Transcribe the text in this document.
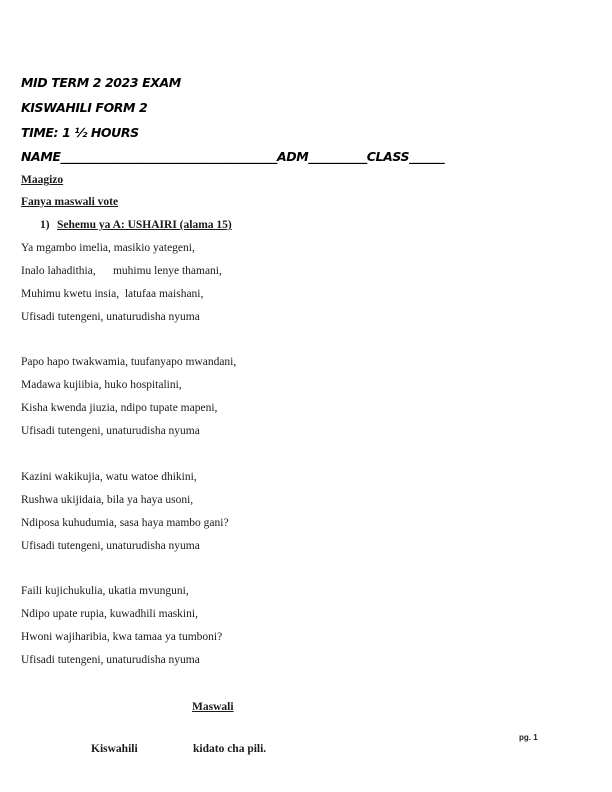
MID TERM 2 2023 EXAM
KISWAHILI FORM 2
TIME: 1 ½ HOURS
NAME_____________________________________ADM__________CLASS______
Maagizo
Fanya maswali vote
1) Sehemu ya A: USHAIRI (alama 15)
Ya mgambo imelia, masikio yategeni,
Inalo lahadithia,      muhimu lenye thamani,
Muhimu kwetu insia,  latufaa maishani,
Ufisadi tutengeni, unaturudisha nyuma
Papo hapo twakwamia, tuufanyapo mwandani,
Madawa kujiibia, huko hospitalini,
Kisha kwenda jiuzia, ndipo tupate mapeni,
Ufisadi tutengeni, unaturudisha nyuma
Kazini wakikujia, watu watoe dhikini,
Rushwa ukijidaia, bila ya haya usoni,
Ndiposa kuhudumia, sasa haya mambo gani?
Ufisadi tutengeni, unaturudisha nyuma
Faili kujichukulia, ukatia mvunguni,
Ndipo upate rupia, kuwadhili maskini,
Hwoni wajiharibia, kwa tamaa ya tumboni?
Ufisadi tutengeni, unaturudisha nyuma
Maswali
pg. 1
Kiswahili	kidato cha pili.
